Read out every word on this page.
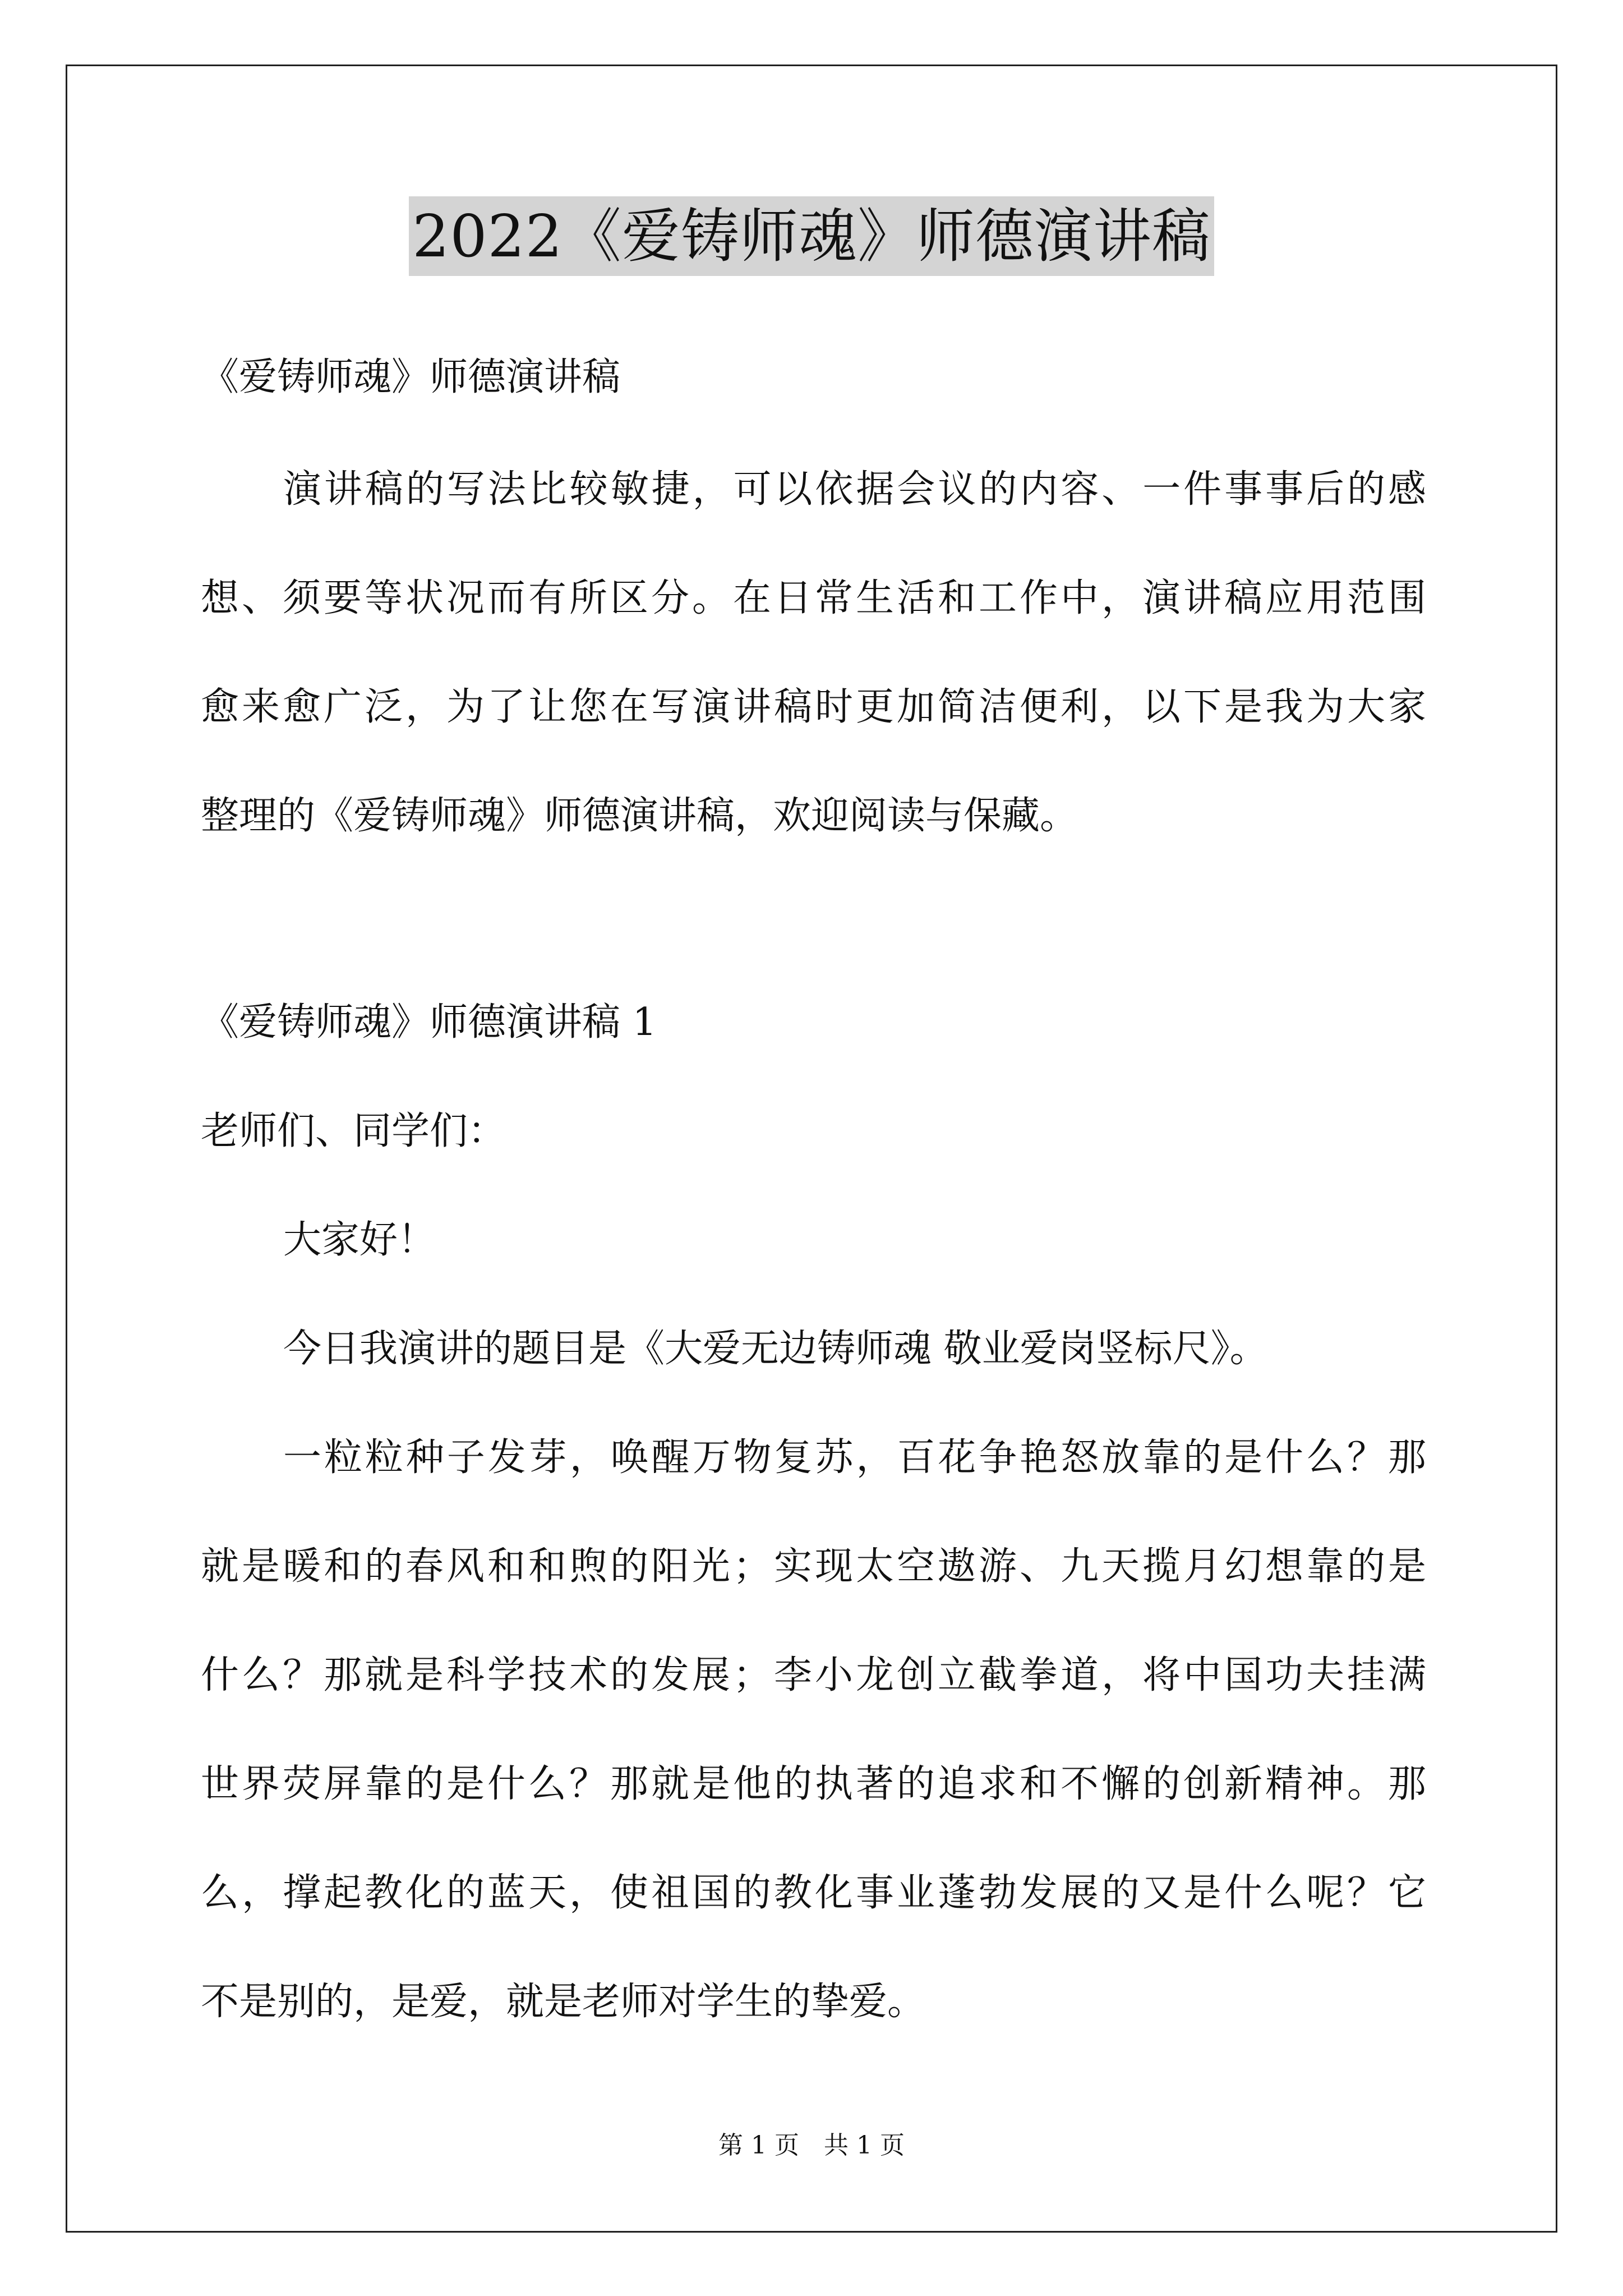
2022《爱铸师魂》师德演讲稿
《爱铸师魂》师德演讲稿
演讲稿的写法比较敏捷，可以依据会议的内容、一件事事后的感
想、须要等状况而有所区分。在日常生活和工作中，演讲稿应用范围
愈来愈广泛，为了让您在写演讲稿时更加简洁便利，以下是我为大家
整理的《爱铸师魂》师德演讲稿，欢迎阅读与保藏。
《爱铸师魂》师德演讲稿 1
老师们、同学们：
大家好！
今日我演讲的题目是《大爱无边铸师魂 敬业爱岗竖标尺》。
一粒粒种子发芽，唤醒万物复苏，百花争艳怒放靠的是什么？那
就是暖和的春风和和煦的阳光；实现太空遨游、九天揽月幻想靠的是
什么？那就是科学技术的发展；李小龙创立截拳道，将中国功夫挂满
世界荧屏靠的是什么？那就是他的执著的追求和不懈的创新精神。那
么，撑起教化的蓝天，使祖国的教化事业蓬勃发展的又是什么呢？它
不是别的，是爱，就是老师对学生的挚爱。
第 1 页　共 1 页
